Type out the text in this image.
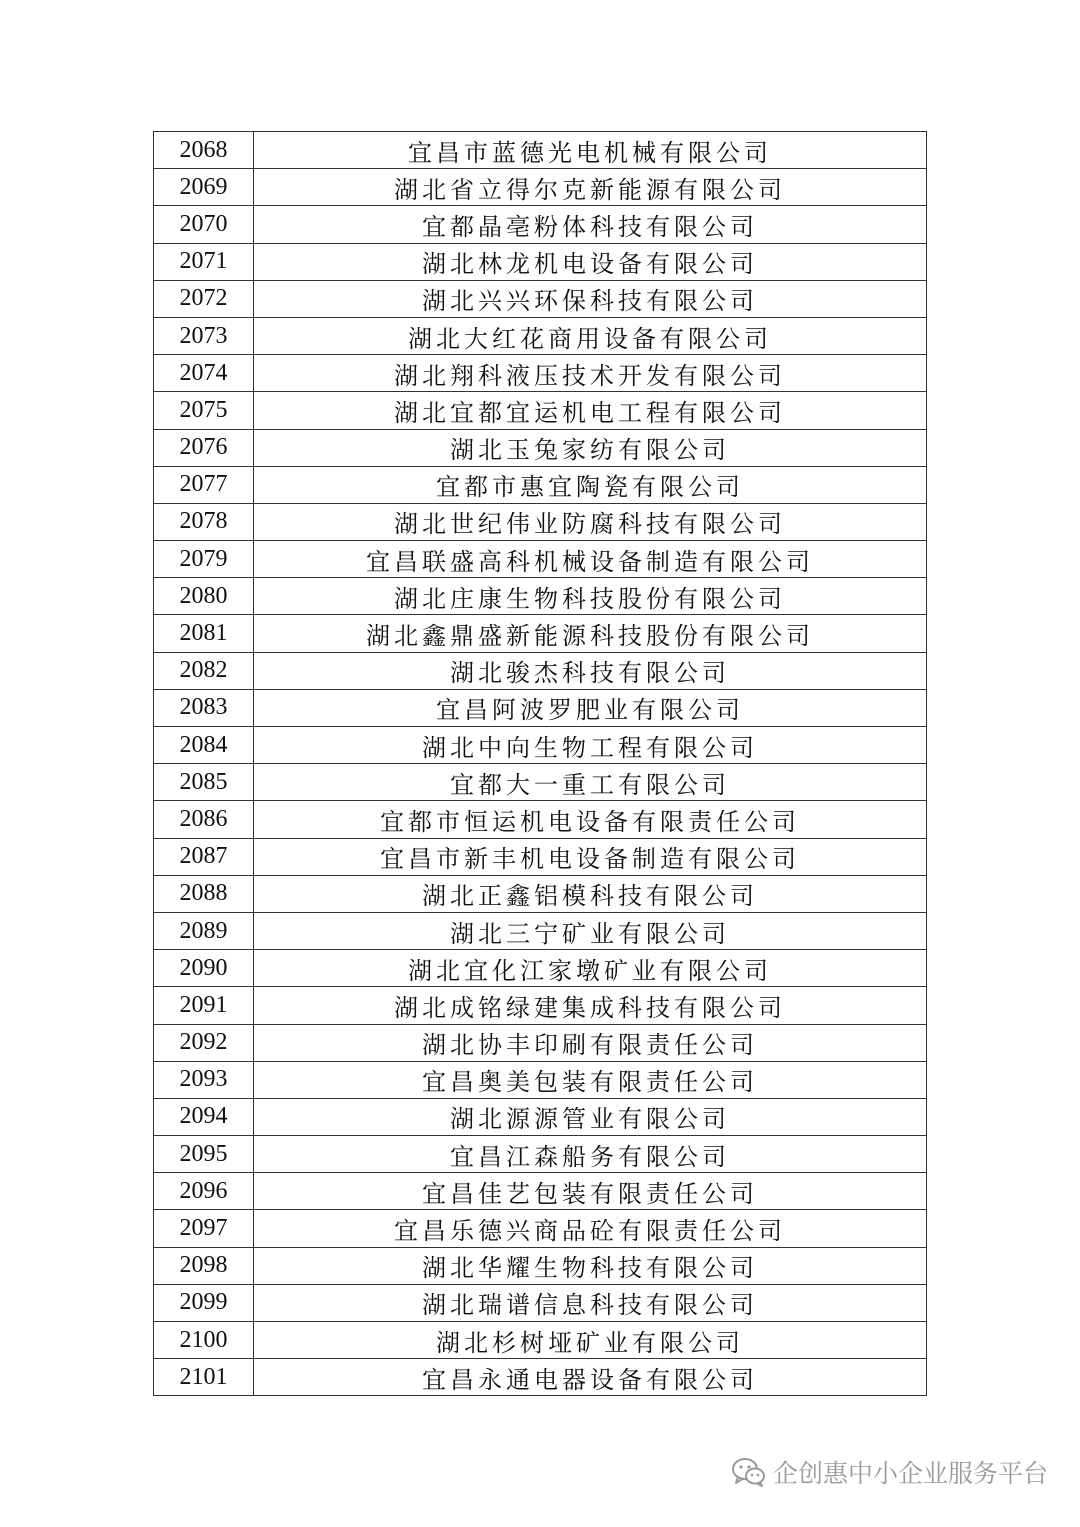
2068	宜昌市蓝德光电机械有限公司
2069	湖北省立得尔克新能源有限公司
2070	宜都晶亳粉体科技有限公司
2071	湖北林龙机电设备有限公司
2072	湖北兴兴环保科技有限公司
2073	湖北大红花商用设备有限公司
2074	湖北翔科液压技术开发有限公司
2075	湖北宜都宜运机电工程有限公司
2076	湖北玉兔家纺有限公司
2077	宜都市惠宜陶瓷有限公司
2078	湖北世纪伟业防腐科技有限公司
2079	宜昌联盛高科机械设备制造有限公司
2080	湖北庄康生物科技股份有限公司
2081	湖北鑫鼎盛新能源科技股份有限公司
2082	湖北骏杰科技有限公司
2083	宜昌阿波罗肥业有限公司
2084	湖北中向生物工程有限公司
2085	宜都大一重工有限公司
2086	宜都市恒运机电设备有限责任公司
2087	宜昌市新丰机电设备制造有限公司
2088	湖北正鑫铝模科技有限公司
2089	湖北三宁矿业有限公司
2090	湖北宜化江家墩矿业有限公司
2091	湖北成铭绿建集成科技有限公司
2092	湖北协丰印刷有限责任公司
2093	宜昌奥美包装有限责任公司
2094	湖北源源管业有限公司
2095	宜昌江森船务有限公司
2096	宜昌佳艺包装有限责任公司
2097	宜昌乐德兴商品砼有限责任公司
2098	湖北华耀生物科技有限公司
2099	湖北瑞谱信息科技有限公司
2100	湖北杉树垭矿业有限公司
2101	宜昌永通电器设备有限公司
企创惠中小企业服务平台
